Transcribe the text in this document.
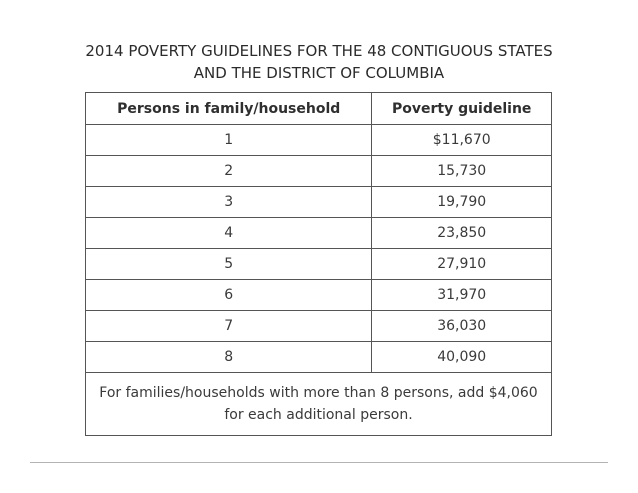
2014 POVERTY GUIDELINES FOR THE 48 CONTIGUOUS STATES
AND THE DISTRICT OF COLUMBIA
Persons in family/household	Poverty guideline
1	$11,670
2	15,730
3	19,790
4	23,850
5	27,910
6	31,970
7	36,030
8	40,090
For families/households with more than 8 persons, add $4,060 for each additional person.	
